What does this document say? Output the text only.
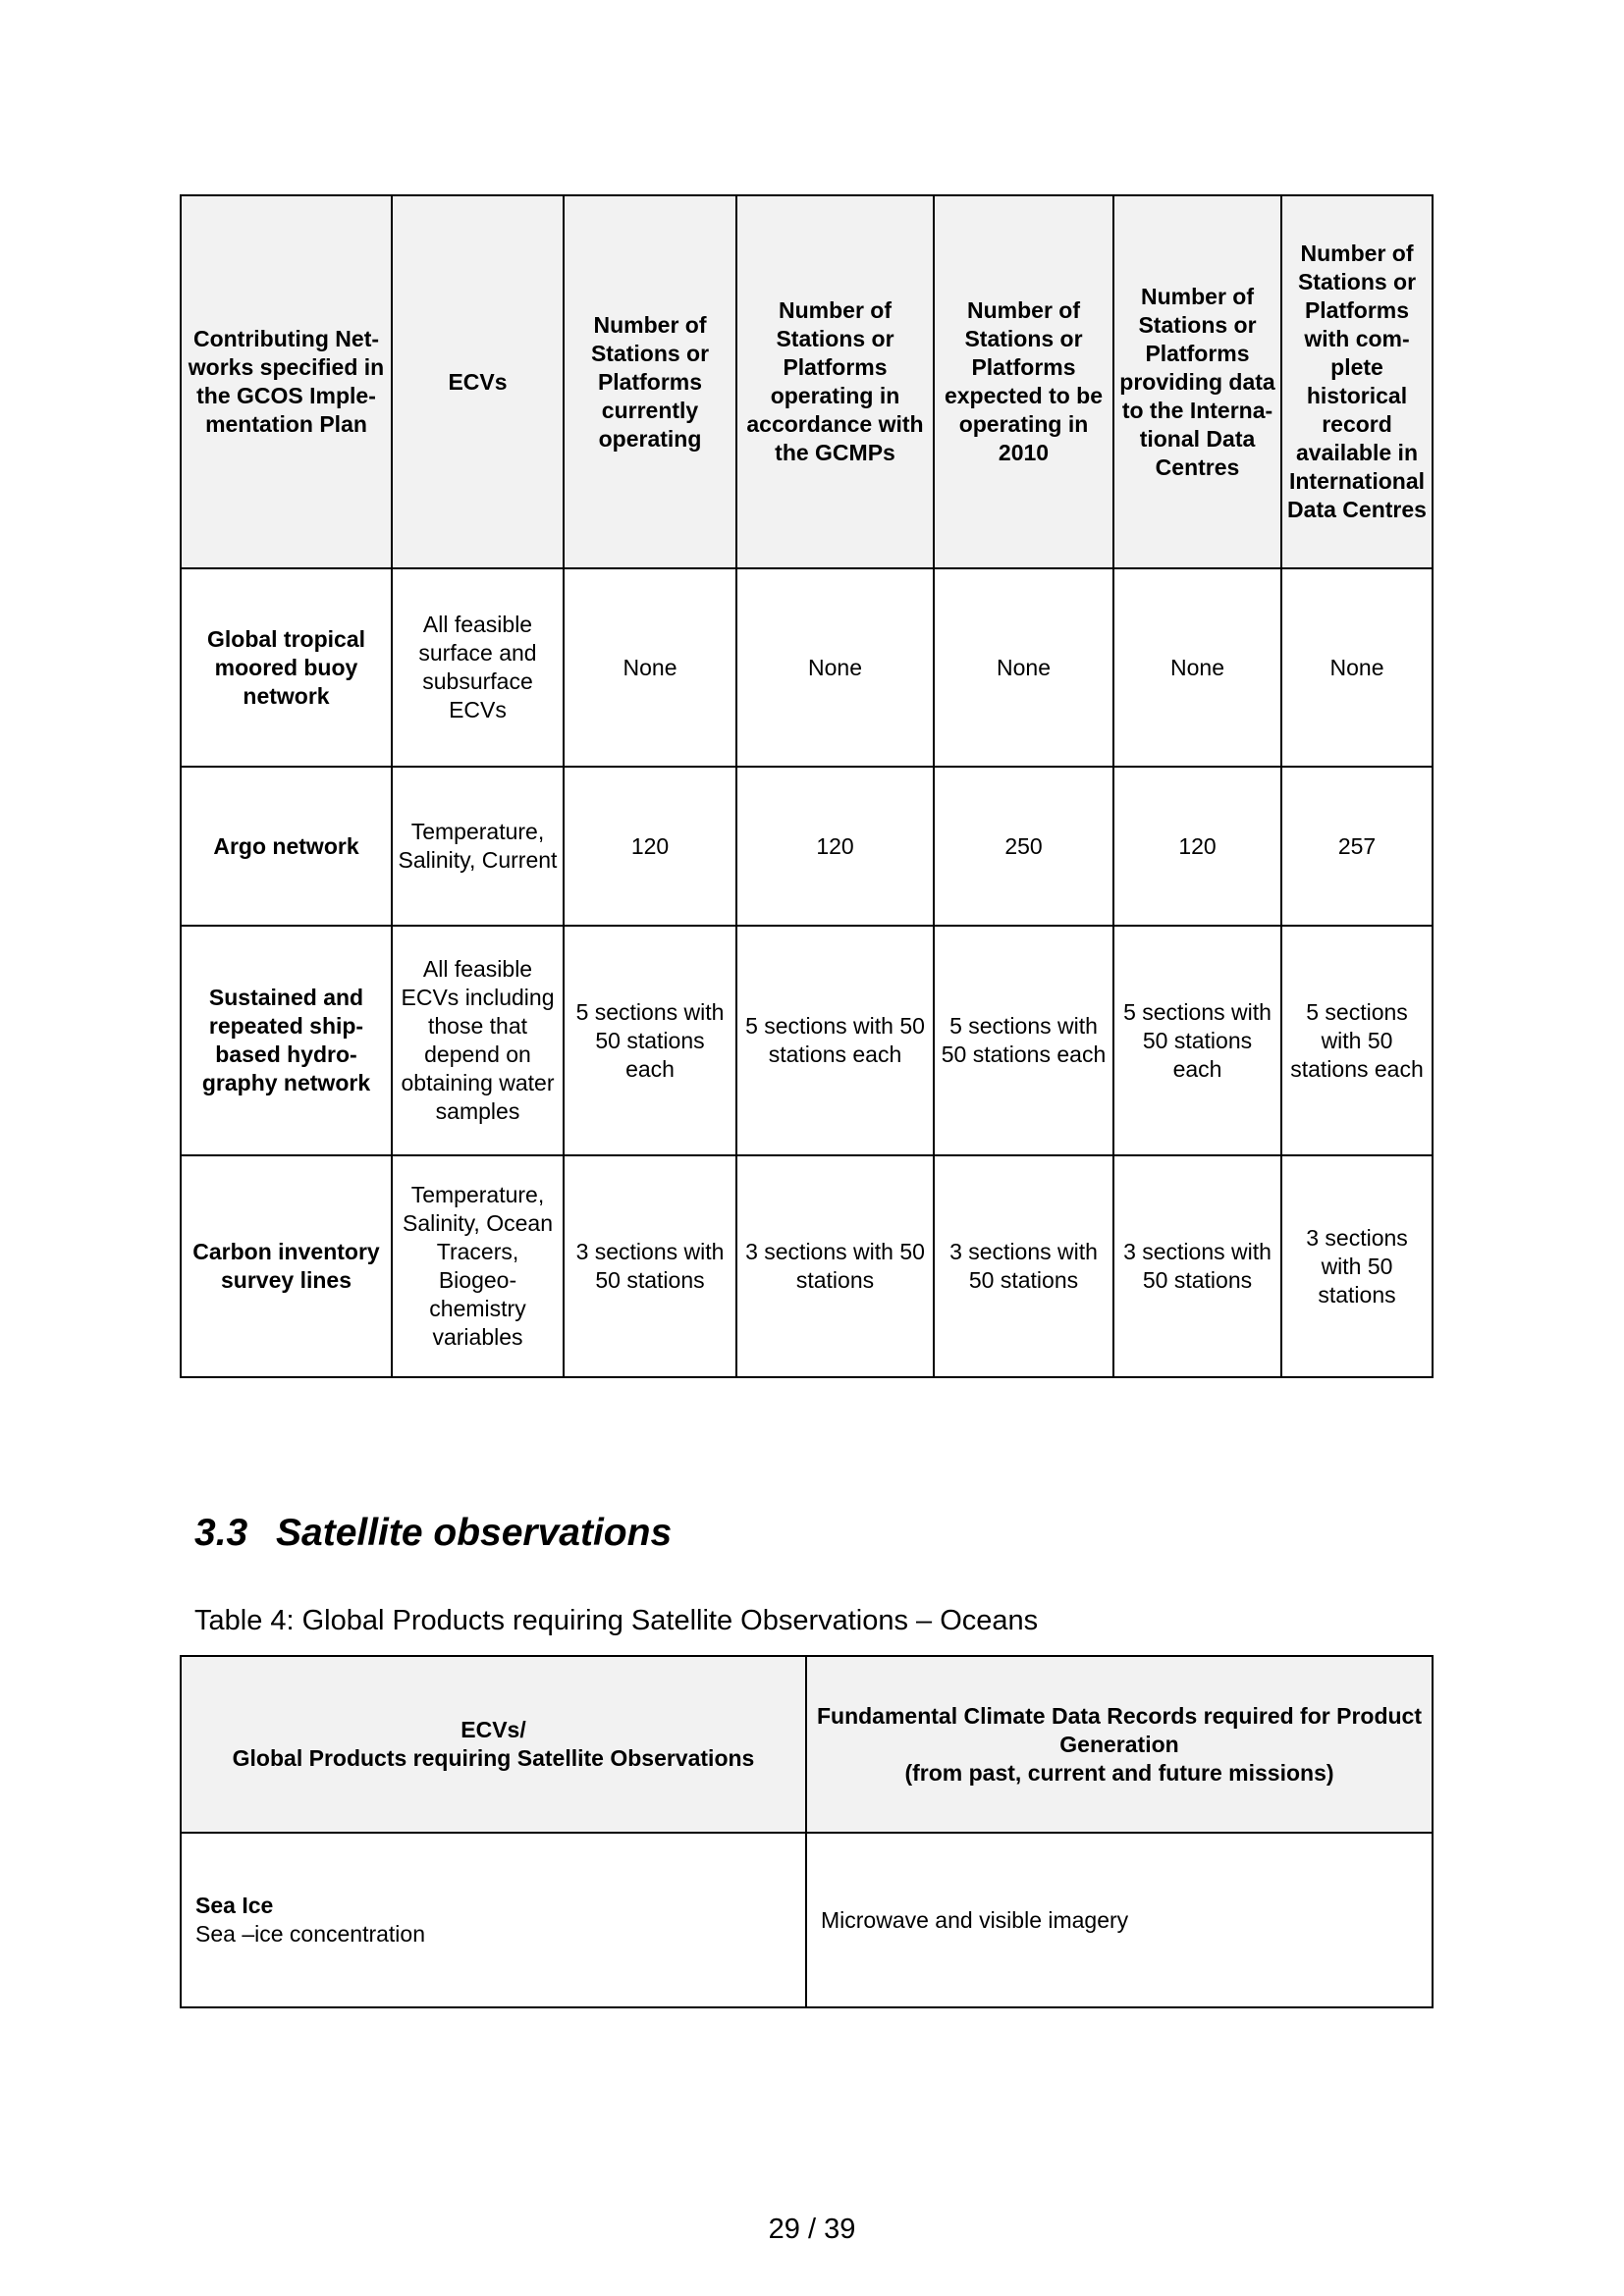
Contributing Networks specified in the GCOS Implementation Plan	ECVs	Number of Stations or Platforms currently operating	Number of Stations or Platforms operating in accordance with the GCMPs	Number of Stations or Platforms expected to be operating in 2010	Number of Stations or Platforms providing data to the International Data Centres	Number of Stations or Platforms with complete historical record available in International Data Centres
Global tropical moored buoy network	All feasible surface and subsurface ECVs	None	None	None	None	None
Argo network	Temperature, Salinity, Current	120	120	250	120	257
Sustained and repeated ship-based hydrography network	All feasible ECVs including those that depend on obtaining water samples	5 sections with 50 stations each	5 sections with 50 stations each	5 sections with 50 stations each	5 sections with 50 stations each	5 sections with 50 stations each
Carbon inventory survey lines	Temperature, Salinity, Ocean Tracers, Biogeochemistry variables	3 sections with 50 stations	3 sections with 50 stations	3 sections with 50 stations	3 sections with 50 stations	3 sections with 50 stations
3.3 Satellite observations
Table 4: Global Products requiring Satellite Observations – Oceans
ECVs/
Global Products requiring Satellite Observations	Fundamental Climate Data Records required for Product Generation
(from past, current and future missions)
Sea Ice
Sea –ice concentration	Microwave and visible imagery
29 / 39
